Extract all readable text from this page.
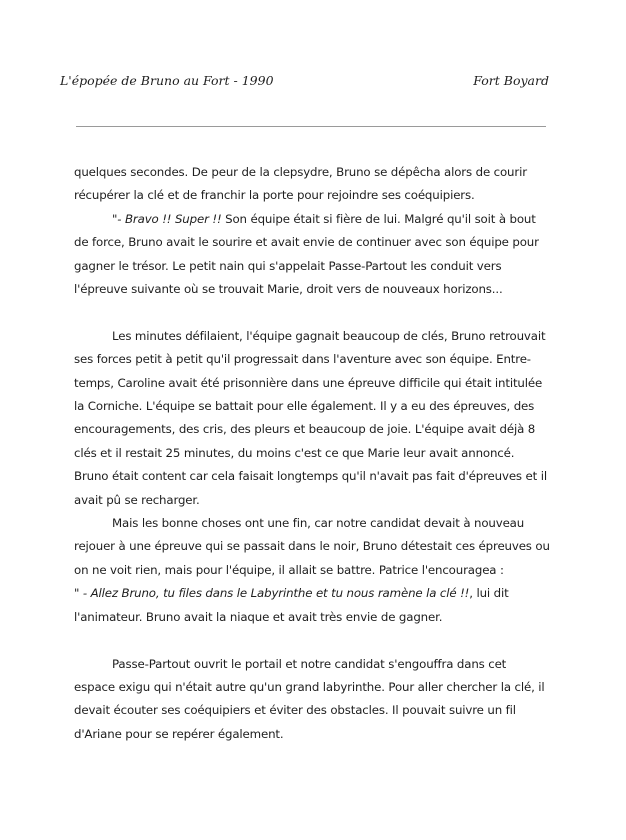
L'épopée de Bruno au Fort - 1990	Fort Boyard

quelques secondes. De peur de la clepsydre, Bruno se dépêcha alors de courir récupérer la clé et de franchir la porte pour rejoindre ses coéquipiers.

"- Bravo !! Super !! Son équipe était si fière de lui. Malgré qu'il soit à bout de force, Bruno avait le sourire et avait envie de continuer avec son équipe pour gagner le trésor. Le petit nain qui s'appelait Passe-Partout les conduit vers l'épreuve suivante où se trouvait Marie, droit vers de nouveaux horizons...

Les minutes défilaient, l'équipe gagnait beaucoup de clés, Bruno retrouvait ses forces petit à petit qu'il progressait dans l'aventure avec son équipe. Entre-temps, Caroline avait été prisonnière dans une épreuve difficile qui était intitulée la Corniche. L'équipe se battait pour elle également. Il y a eu des épreuves, des encouragements, des cris, des pleurs et beaucoup de joie. L'équipe avait déjà 8 clés et il restait 25 minutes, du moins c'est ce que Marie leur avait annoncé. Bruno était content car cela faisait longtemps qu'il n'avait pas fait d'épreuves et il avait pû se recharger.

Mais les bonne choses ont une fin, car notre candidat devait à nouveau rejouer à une épreuve qui se passait dans le noir, Bruno détestait ces épreuves ou on ne voit rien, mais pour l'équipe, il allait se battre. Patrice l'encouragea :

" - Allez Bruno, tu files dans le Labyrinthe et tu nous ramène la clé !!, lui dit l'animateur. Bruno avait la niaque et avait très envie de gagner.

Passe-Partout ouvrit le portail et notre candidat s'engouffra dans cet espace exigu qui n'était autre qu'un grand labyrinthe. Pour aller chercher la clé, il devait écouter ses coéquipiers et éviter des obstacles. Il pouvait suivre un fil d'Ariane pour se repérer également.
